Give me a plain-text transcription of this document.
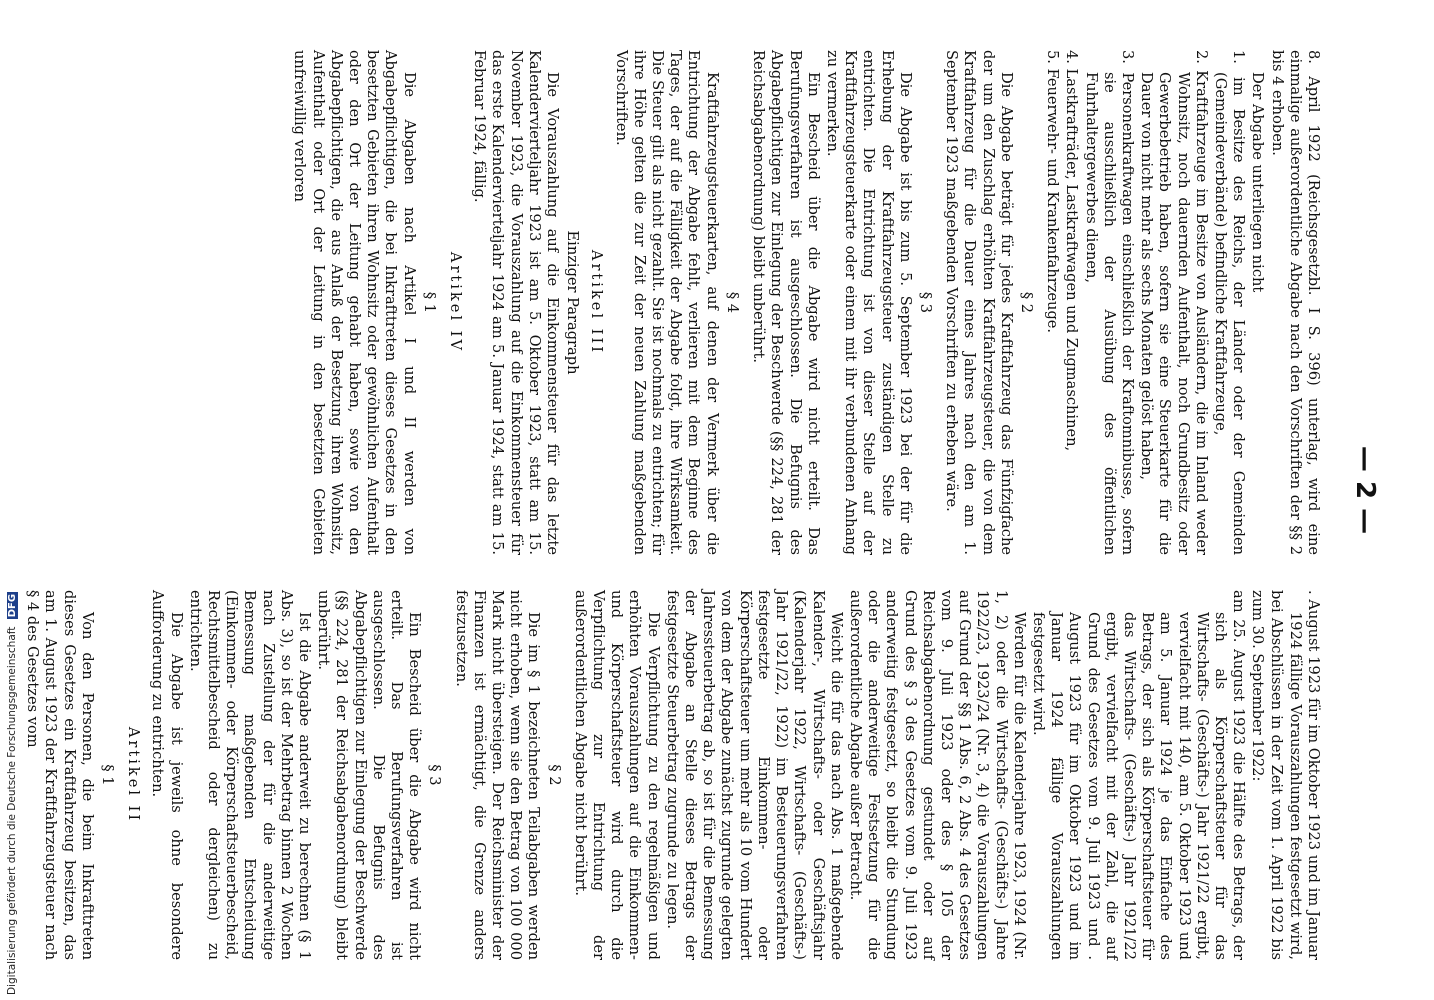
— 2 —
8. April 1922 (Reichsgesetzbl. I S. 396) unterlag, wird eine einmalige außerordentliche Abgabe nach den Vorschriften der §§ 2 bis 4 erhoben.
Der Abgabe unterliegen nicht
1. im Besitze des Reichs, der Länder oder der Gemeinden (Gemeindeverbände) befindliche Kraftfahrzeuge,
2. Kraftfahrzeuge im Besitze von Ausländern, die im Inland weder Wohnsitz, noch dauernden Aufenthalt, noch Grundbesitz oder Gewerbebetrieb haben, sofern sie eine Steuerkarte für die Dauer von nicht mehr als sechs Monaten gelöst haben,
3. Personenkraftwagen einschließlich der Kraftomnibusse, sofern sie ausschließlich der Ausübung des öffentlichen Fuhrhaltergewerbes dienen,
4. Lastkrafträder, Lastkraftwagen und Zugmaschinen,
5. Feuerwehr- und Krankenfahrzeuge.
§ 2
Die Abgabe beträgt für jedes Kraftfahrzeug das Fünfzigfache der um den Zuschlag erhöhten Kraftfahrzeugsteuer, die von dem Kraftfahrzeug für die Dauer eines Jahres nach den am 1. September 1923 maßgebenden Vorschriften zu erheben wäre.
§ 3
Die Abgabe ist bis zum 5. September 1923 bei der für die Erhebung der Kraftfahrzeugsteuer zuständigen Stelle zu entrichten. Die Entrichtung ist von dieser Stelle auf der Kraftfahrzeugsteuerkarte oder einem mit ihr verbundenen Anhang zu vermerken.
Ein Bescheid über die Abgabe wird nicht erteilt. Das Berufungsverfahren ist ausgeschlossen. Die Befugnis des Abgabepflichtigen zur Einlegung der Beschwerde (§§ 224, 281 der Reichsabgabenordnung) bleibt unberührt.
§ 4
Kraftfahrzeugsteuerkarten, auf denen der Vermerk über die Entrichtung der Abgabe fehlt, verlieren mit dem Beginne des Tages, der auf die Fälligkeit der Abgabe folgt, ihre Wirksamkeit. Die Steuer gilt als nicht gezahlt. Sie ist nochmals zu entrichten; für ihre Höhe gelten die zur Zeit der neuen Zahlung maßgebenden Vorschriften.
Artikel III
Einziger Paragraph
Die Vorauszahlung auf die Einkommensteuer für das letzte Kalendervierteljahr 1923 ist am 5. Oktober 1923, statt am 15. November 1923, die Vorauszahlung auf die Einkommensteuer für das erste Kalendervierteljahr 1924 am 5. Januar 1924, statt am 15. Februar 1924, fällig.
Artikel IV
§ 1
Die Abgaben nach Artikel I und II werden von Abgabepflichtigen, die bei Inkrafttreten dieses Gesetzes in den besetzten Gebieten ihren Wohnsitz oder gewöhnlichen Aufenthalt oder den Ort der Leitung gehabt haben, sowie von den Abgabepflichtigen, die aus Anlaß der Besetzung ihren Wohnsitz, Aufenthalt oder Ort der Leitung in den besetzten Gebieten unfreiwillig verloren
. August 1923 für im Oktober 1923 und im Januar 1924 fällige Vorauszahlungen festgesetzt wird,
bei Abschlüssen in der Zeit vom 1. April 1922 bis zum 30. September 1922:
am 25. August 1923 die Hälfte des Betrags, der sich als Körperschaftsteuer für das Wirtschafts- (Geschäfts-) Jahr 1921/22 ergibt, vervielfacht mit 140, am 5. Oktober 1923 und am 5. Januar 1924 je das Einfache des Betrags, der sich als Körperschaftsteuer für das Wirtschafts- (Geschäfts-) Jahr 1921/22 ergibt, vervielfacht mit der Zahl, die auf Grund des Gesetzes vom 9. Juli 1923 und . August 1923 für im Oktober 1923 und im Januar 1924 fällige Vorauszahlungen festgesetzt wird.
Werden für die Kalenderjahre 1923, 1924 (Nr. 1, 2) oder die Wirtschafts- (Geschäfts-) Jahre 1922/23, 1923/24 (Nr. 3, 4) die Vorauszahlungen auf Grund der §§ 1 Abs. 6, 2 Abs. 4 des Gesetzes vom 9. Juli 1923 oder des § 105 der Reichsabgabenordnung gestundet oder auf Grund des § 3 des Gesetzes vom 9. Juli 1923 anderweitig festgesetzt, so bleibt die Stundung oder die anderweitige Festsetzung für die außerordentliche Abgabe außer Betracht.
Weicht die für das nach Abs. 1 maßgebende Kalender-, Wirtschafts- oder Geschäftsjahr (Kalenderjahr 1922, Wirtschafts- (Geschäfts-) Jahr 1921/22, 1922) im Besteuerungsverfahren festgesetzte Einkommen- oder Körperschaftsteuer um mehr als 10 vom Hundert von dem der Abgabe zunächst zugrunde gelegten Jahressteuerbetrag ab, so ist für die Bemessung der Abgabe an Stelle dieses Betrags der festgesetzte Steuerbetrag zugrunde zu legen.
Die Verpflichtung zu den regelmäßigen und erhöhten Vorauszahlungen auf die Einkommen- und Körperschaftsteuer wird durch die Verpflichtung zur Entrichtung der außerordentlichen Abgabe nicht berührt.
§ 2
Die im § 1 bezeichneten Teilabgaben werden nicht erhoben, wenn sie den Betrag von 100 000 Mark nicht übersteigen. Der Reichsminister der Finanzen ist ermächtigt, die Grenze anders festzusetzen.
§ 3
Ein Bescheid über die Abgabe wird nicht erteilt. Das Berufungsverfahren ist ausgeschlossen. Die Befugnis des Abgabepflichtigen zur Einlegung der Beschwerde (§§ 224, 281 der Reichsabgabenordnung) bleibt unberührt.
Ist die Abgabe anderweit zu berechnen (§ 1 Abs. 3), so ist der Mehrbetrag binnen 2 Wochen nach Zustellung der für die anderweitige Bemessung maßgebenden Entscheidung (Einkommen- oder Körperschaftsteuerbescheid, Rechtsmittelbescheid oder dergleichen) zu entrichten.
Die Abgabe ist jeweils ohne besondere Aufforderung zu entrichten.
Artikel II
§ 1
Von den Personen, die beim Inkrafttreten dieses Gesetzes ein Kraftfahrzeug besitzen, das am 1. August 1923 der Kraftfahrzeugsteuer nach § 4 des Gesetzes vom
Digitalisierung gefördert durch die Deutsche Forschungsgemeinschaft DFG
